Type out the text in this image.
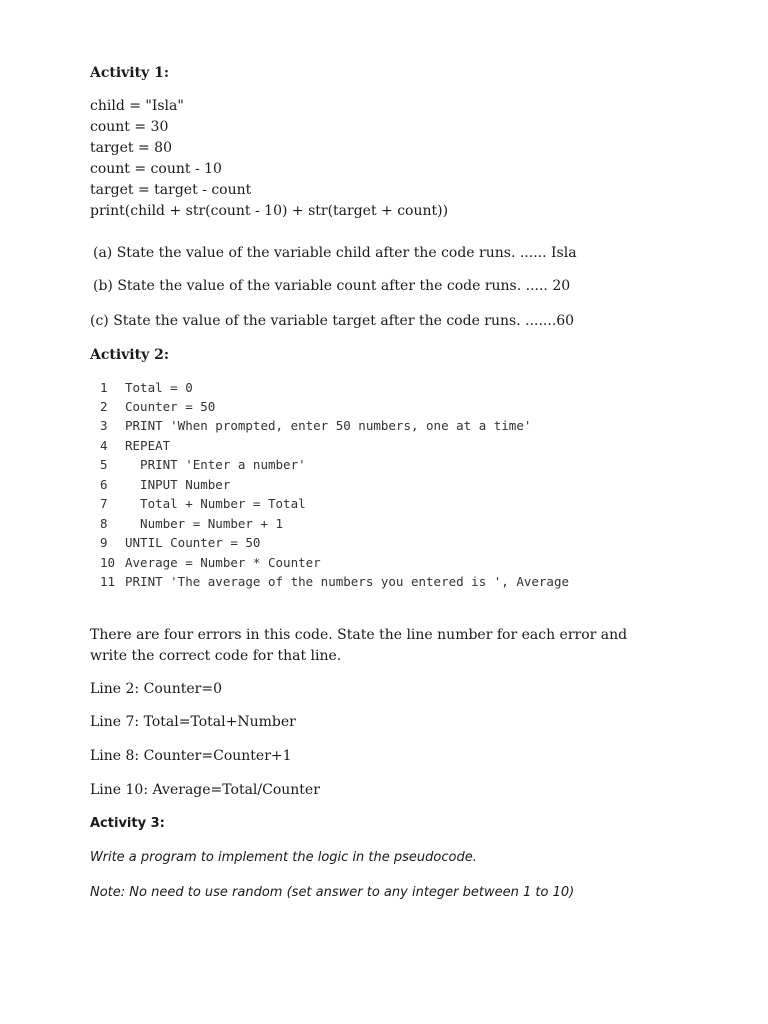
Activity 1:

child = "Isla"

count = 30

target = 80

count = count - 10

target = target - count

print(child + str(count - 10) + str(target + count))

(a) State the value of the variable child after the code runs. ...... Isla

(b) State the value of the variable count after the code runs. ..... 20

(c) State the value of the variable target after the code runs. .......60

Activity 2:

1 Total = 0
2 Counter = 50
3 PRINT 'When prompted, enter 50 numbers, one at a time'
4 REPEAT
5  PRINT 'Enter a number'
6  INPUT Number
7  Total + Number = Total
8  Number = Number + 1
9 UNTIL Counter = 50
10 Average = Number * Counter
11 PRINT 'The average of the numbers you entered is ', Average

There are four errors in this code. State the line number for each error and write the correct code for that line.

Line 2: Counter=0

Line 7: Total=Total+Number

Line 8: Counter=Counter+1

Line 10: Average=Total/Counter

Activity 3:

Write a program to implement the logic in the pseudocode.

Note: No need to use random (set answer to any integer between 1 to 10)
